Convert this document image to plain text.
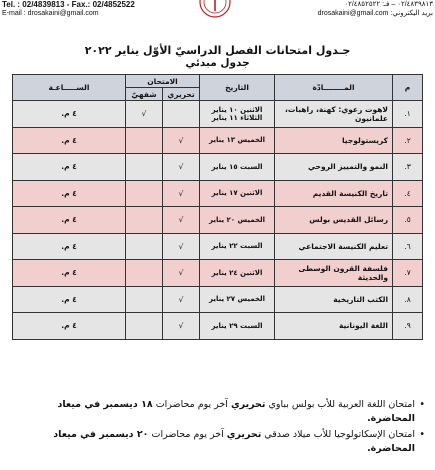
Tel. : 02/4839813 - Fax.: 02/4852522
E-mail : drosakaini@gmail.com
٠٢/٤٨٣٩٨١٣ – فـ: ٠٢/٤٨٥٢٥٢٢
بريد اليكتروني: drosakaini@gmail.com
جـدول امتحانات الفصل الدراسيّ الأوّل يناير ٢٠٢٢
جدول مبدئي
م	المــــــــادّة	التاريخ	الامتحان		الســـــاعـة
			تحريري	شفهيّ	
١.	لاهوت رعوي: كهنة، راهبات، علمانيون	الاثنين ١٠ يناير
الثلاثاء ١١ يناير		√	٤ م.
٢.	كريستولوجيا	الخميس ١٣ يناير	√		٤ م.
٣.	النمو والتمييز الروحي	السبت ١٥ يناير	√		٤ م.
٤.	تاريخ الكنيسة القديم	الاثنين ١٧ يناير	√		٤ م.
٥.	رسائل القديس بولس	الخميس ٢٠ يناير	√		٤ م.
٦.	تعليم الكنيسة الاجتماعي	السبت ٢٢ يناير	√		٤ م.
٧.	فلسفة القرون الوسطى والحديثة	الاثنين ٢٤ يناير	√		٤ م.
٨.	الكتب التاريخية	الخميس ٢٧ يناير	√		٤ م.
٩.	اللغة اليونانية	السبت ٢٩ يناير	√		٤ م.
•
امتحان اللغة العربية للأب بولس بباوي تحريري آخر يوم محاضرات ١٨ ديسمبر في ميعاد المحاضرة.
•
امتحان الإسكاتولوجيا للأب ميلاد صدقي تحريري آخر يوم محاضرات ٢٠ ديسمبر في ميعاد المحاضرة.
